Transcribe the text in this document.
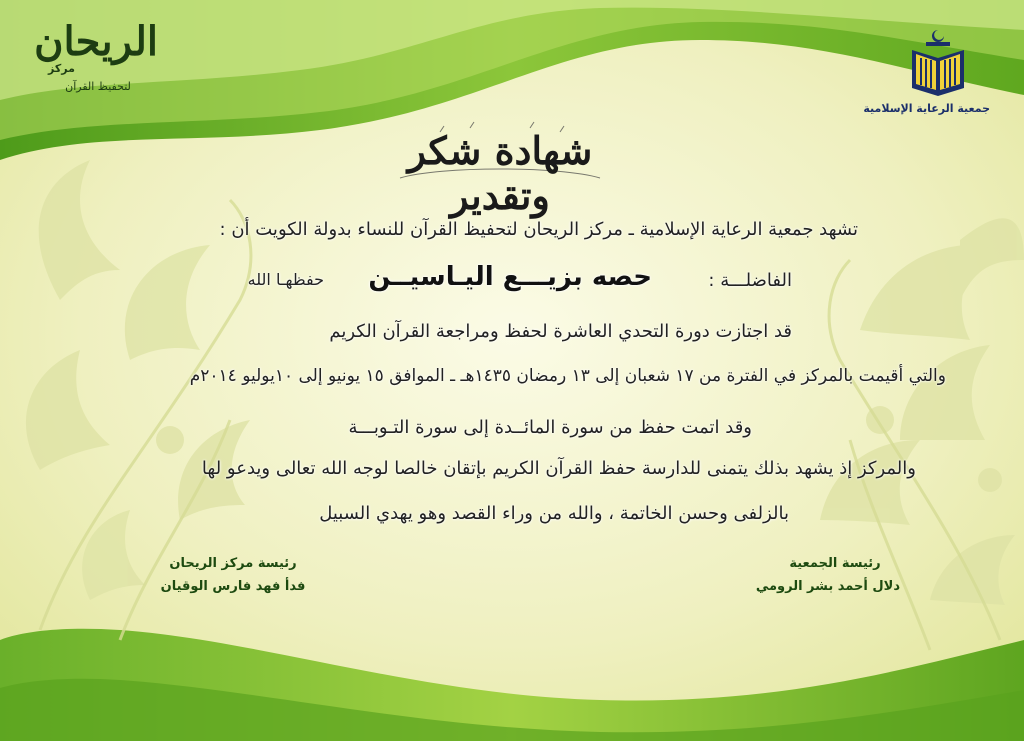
جمعية الرعاية الإسلامية
الريحان
مركز
لتحفيظ القرآن
شهادة شكر وتقدير
تشهد جمعية الرعاية الإسلامية ـ مركز الريحان لتحفيظ القرآن للنساء بدولة الكويت أن :
الفاضلـــة :
حصه بزيـــع اليـاسيــن
حفظهـا الله
قد اجتازت دورة التحدي العاشرة لحفظ ومراجعة القرآن الكريم
والتي أقيمت بالمركز في الفترة من ١٧ شعبان إلى ١٣ رمضان ١٤٣٥هـ ـ الموافق ١٥ يونيو إلى ١٠يوليو ٢٠١٤م
وقد اتمت حفظ من سورة المائــدة إلى سورة التـوبـــة
والمركز إذ يشهد بذلك يتمنى للدارسة حفظ القرآن الكريم بإتقان خالصا لوجه الله تعالى ويدعو لها
بالزلفى وحسن الخاتمة ، والله من وراء القصد وهو يهدي السبيل
رئيسة الجمعية
دلال أحمد بشر الرومي
رئيسة مركز الريحان
فدأ فهد فارس الوقيان
